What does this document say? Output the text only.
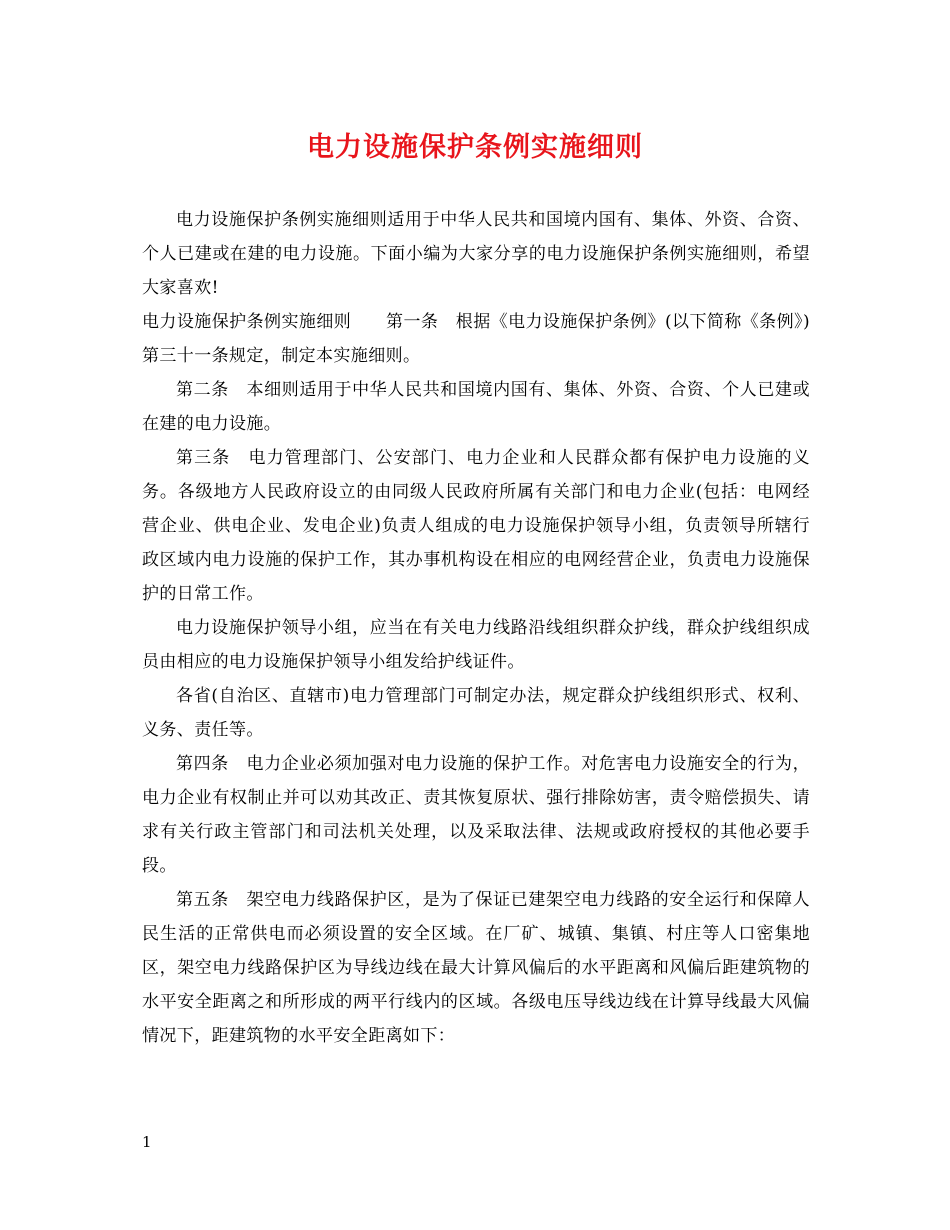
电力设施保护条例实施细则

电力设施保护条例实施细则适用于中华人民共和国境内国有、集体、外资、合资、个人已建或在建的电力设施。下面小编为大家分享的电力设施保护条例实施细则，希望大家喜欢!

电力设施保护条例实施细则　　第一条　根据《电力设施保护条例》(以下简称《条例》)第三十一条规定，制定本实施细则。

第二条　本细则适用于中华人民共和国境内国有、集体、外资、合资、个人已建或在建的电力设施。

第三条　电力管理部门、公安部门、电力企业和人民群众都有保护电力设施的义务。各级地方人民政府设立的由同级人民政府所属有关部门和电力企业(包括：电网经营企业、供电企业、发电企业)负责人组成的电力设施保护领导小组，负责领导所辖行政区域内电力设施的保护工作，其办事机构设在相应的电网经营企业，负责电力设施保护的日常工作。

电力设施保护领导小组，应当在有关电力线路沿线组织群众护线，群众护线组织成员由相应的电力设施保护领导小组发给护线证件。

各省(自治区、直辖市)电力管理部门可制定办法，规定群众护线组织形式、权利、义务、责任等。

第四条　电力企业必须加强对电力设施的保护工作。对危害电力设施安全的行为，电力企业有权制止并可以劝其改正、责其恢复原状、强行排除妨害，责令赔偿损失、请求有关行政主管部门和司法机关处理，以及采取法律、法规或政府授权的其他必要手段。

第五条　架空电力线路保护区，是为了保证已建架空电力线路的安全运行和保障人民生活的正常供电而必须设置的安全区域。在厂矿、城镇、集镇、村庄等人口密集地区，架空电力线路保护区为导线边线在最大计算风偏后的水平距离和风偏后距建筑物的水平安全距离之和所形成的两平行线内的区域。各级电压导线边线在计算导线最大风偏情况下，距建筑物的水平安全距离如下：

1
